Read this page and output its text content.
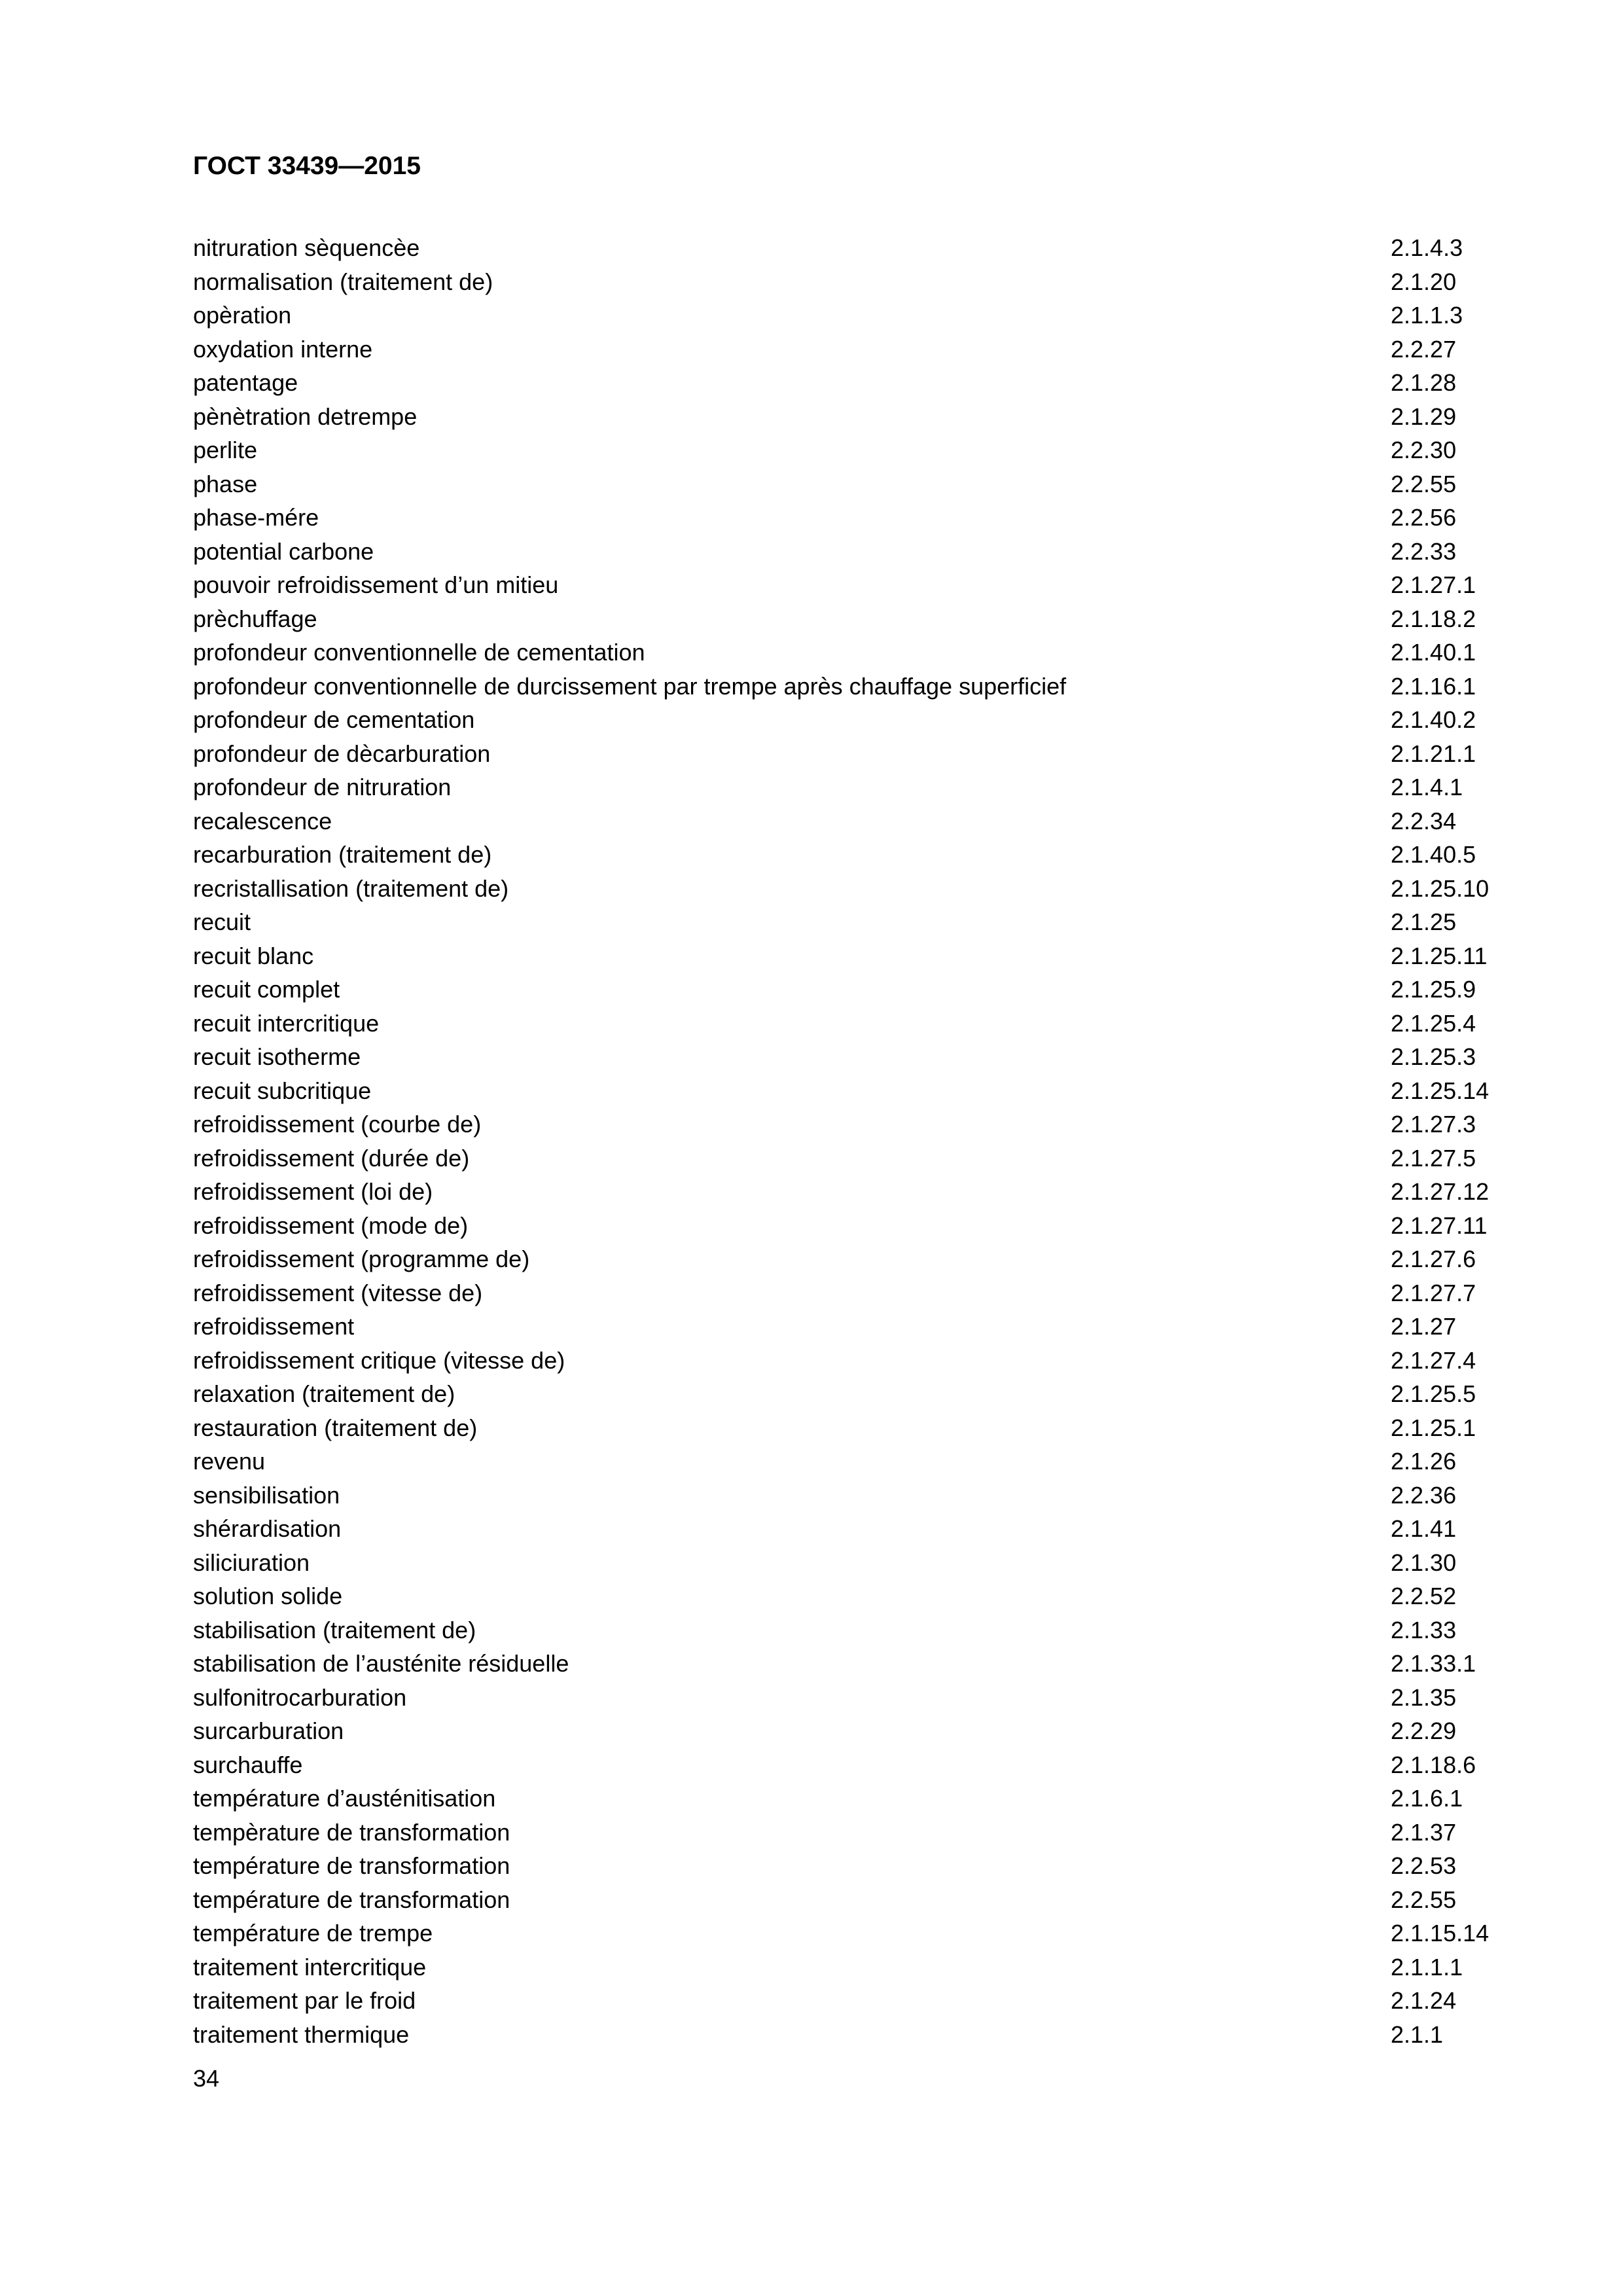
ГОСТ 33439—2015
nitruration sèquencèe	2.1.4.3
normalisation (traitement de)	2.1.20
opèration	2.1.1.3
oxydation interne	2.2.27
patentage	2.1.28
pènètration detrempe	2.1.29
perlite	2.2.30
phase	2.2.55
phase-mére	2.2.56
potential carbone	2.2.33
pouvoir refroidissement d’un mitieu	2.1.27.1
prèchuffage	2.1.18.2
profondeur conventionnelle de cementation	2.1.40.1
profondeur conventionnelle de durcissement par trempe après chauffage superficief	2.1.16.1
profondeur de cementation	2.1.40.2
profondeur de dècarburation	2.1.21.1
profondeur de nitruration	2.1.4.1
recalescence	2.2.34
recarburation (traitement de)	2.1.40.5
recristallisation (traitement de)	2.1.25.10
recuit	2.1.25
recuit blanc	2.1.25.11
recuit complet	2.1.25.9
recuit intercritique	2.1.25.4
recuit isotherme	2.1.25.3
recuit subcritique	2.1.25.14
refroidissement (courbe de)	2.1.27.3
refroidissement (durée de)	2.1.27.5
refroidissement (loi de)	2.1.27.12
refroidissement (mode de)	2.1.27.11
refroidissement (programme de)	2.1.27.6
refroidissement (vitesse de)	2.1.27.7
refroidissement	2.1.27
refroidissement critique (vitesse de)	2.1.27.4
relaxation (traitement de)	2.1.25.5
restauration (traitement de)	2.1.25.1
revenu	2.1.26
sensibilisation	2.2.36
shérardisation	2.1.41
siliciuration	2.1.30
solution solide	2.2.52
stabilisation (traitement de)	2.1.33
stabilisation de l’austénite résiduelle	2.1.33.1
sulfonitrocarburation	2.1.35
surcarburation	2.2.29
surchauffe	2.1.18.6
température d’austénitisation	2.1.6.1
tempèrature de transformation	2.1.37
température de transformation	2.2.53
température de transformation	2.2.55
température de trempe	2.1.15.14
traitement intercritique	2.1.1.1
traitement par le froid	2.1.24
traitement thermique	2.1.1
34
